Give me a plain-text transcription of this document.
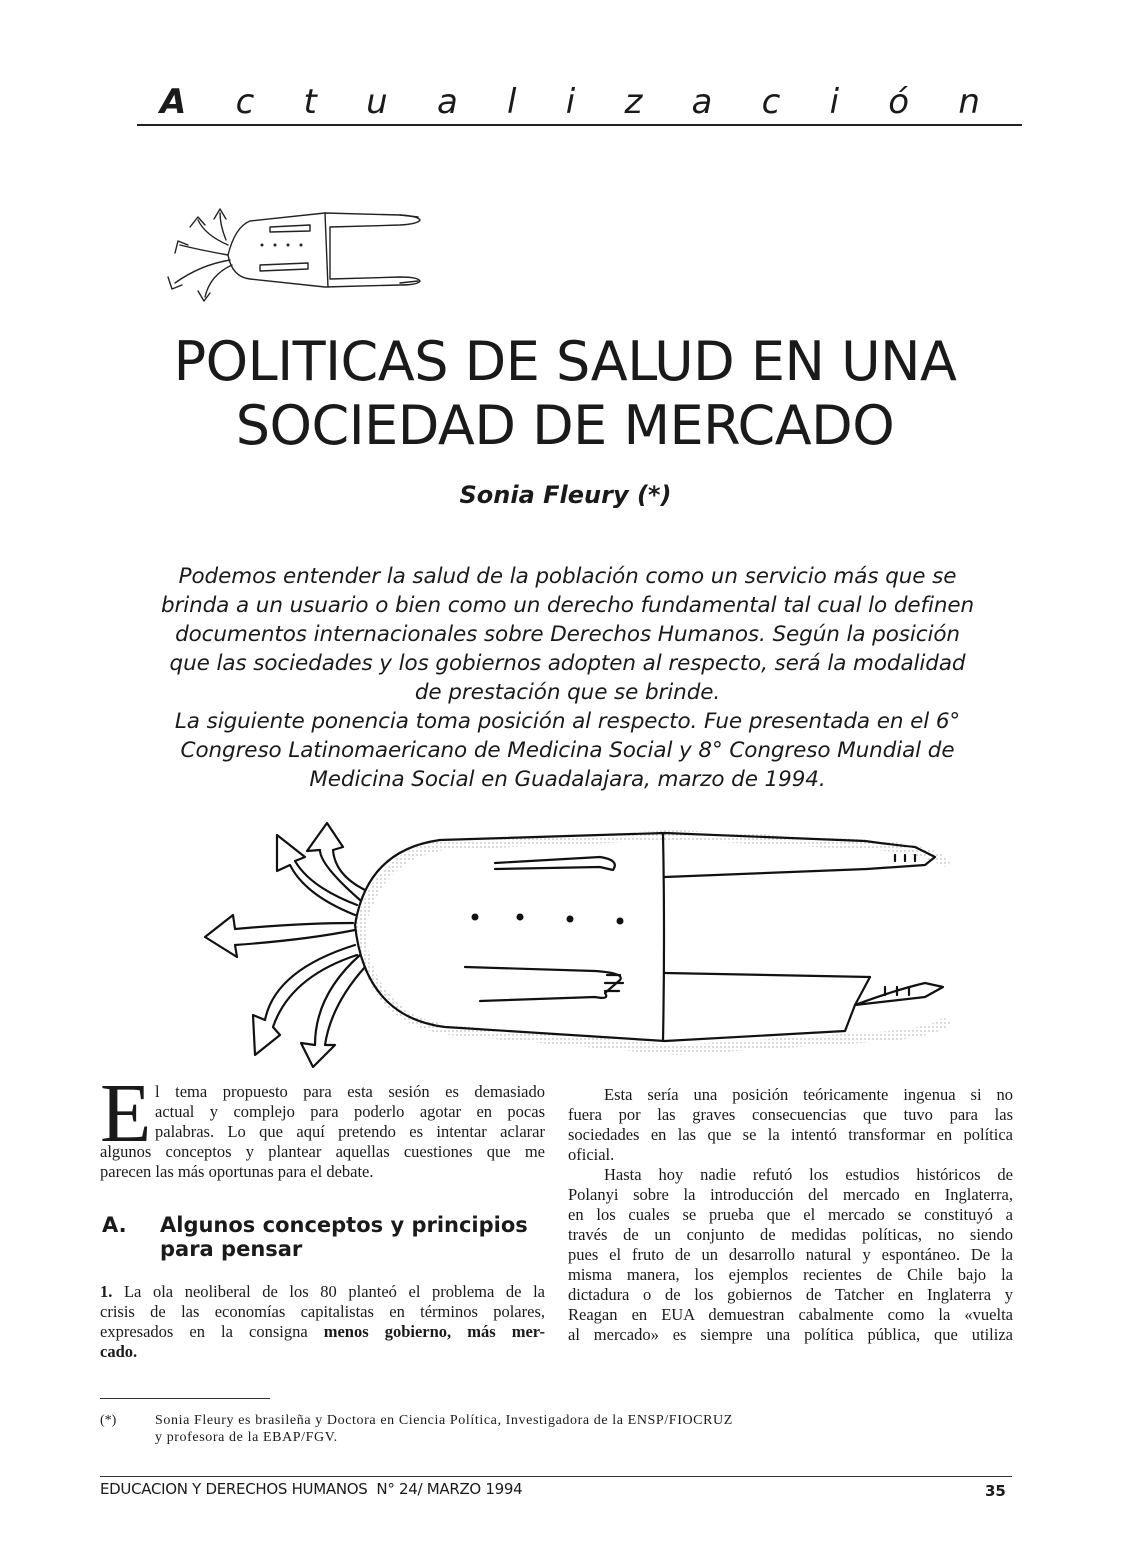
A c t u a l i z a c i ó n
POLITICAS DE SALUD EN UNA
SOCIEDAD DE MERCADO
Sonia Fleury (*)
Podemos entender la salud de la población como un servicio más que se
brinda a un usuario o bien como un derecho fundamental tal cual lo definen
documentos internacionales sobre Derechos Humanos. Según la posición
que las sociedades y los gobiernos adopten al respecto, será la modalidad
de prestación que se brinde.
La siguiente ponencia toma posición al respecto. Fue presentada en el 6°
Congreso Latinomaericano de Medicina Social y 8° Congreso Mundial de
Medicina Social en Guadalajara, marzo de 1994.
E l tema propuesto para esta sesión es demasiado
actual y complejo para poderlo agotar en pocas
palabras. Lo que aquí pretendo es intentar aclarar
algunos conceptos y plantear aquellas cuestiones que me
parecen las más oportunas para el debate.
A. Algunos conceptos y principios
para pensar
1. La ola neoliberal de los 80 planteó el problema de la
crisis de las economías capitalistas en términos polares,
expresados en la consigna menos gobierno, más mer-
cado.
Esta sería una posición teóricamente ingenua si no
fuera por las graves consecuencias que tuvo para las
sociedades en las que se la intentó transformar en política
oficial.
Hasta hoy nadie refutó los estudios históricos de
Polanyi sobre la introducción del mercado en Inglaterra,
en los cuales se prueba que el mercado se constituyó a
través de un conjunto de medidas políticas, no siendo
pues el fruto de un desarrollo natural y espontáneo. De la
misma manera, los ejemplos recientes de Chile bajo la
dictadura o de los gobiernos de Tatcher en Inglaterra y
Reagan en EUA demuestran cabalmente como la «vuelta
al mercado» es siempre una política pública, que utiliza
(*)	Sonia Fleury es brasileña y Doctora en Ciencia Política, Investigadora de la ENSP/FIOCRUZ
y profesora de la EBAP/FGV.
EDUCACION Y DERECHOS HUMANOS  N° 24/ MARZO 1994	35
